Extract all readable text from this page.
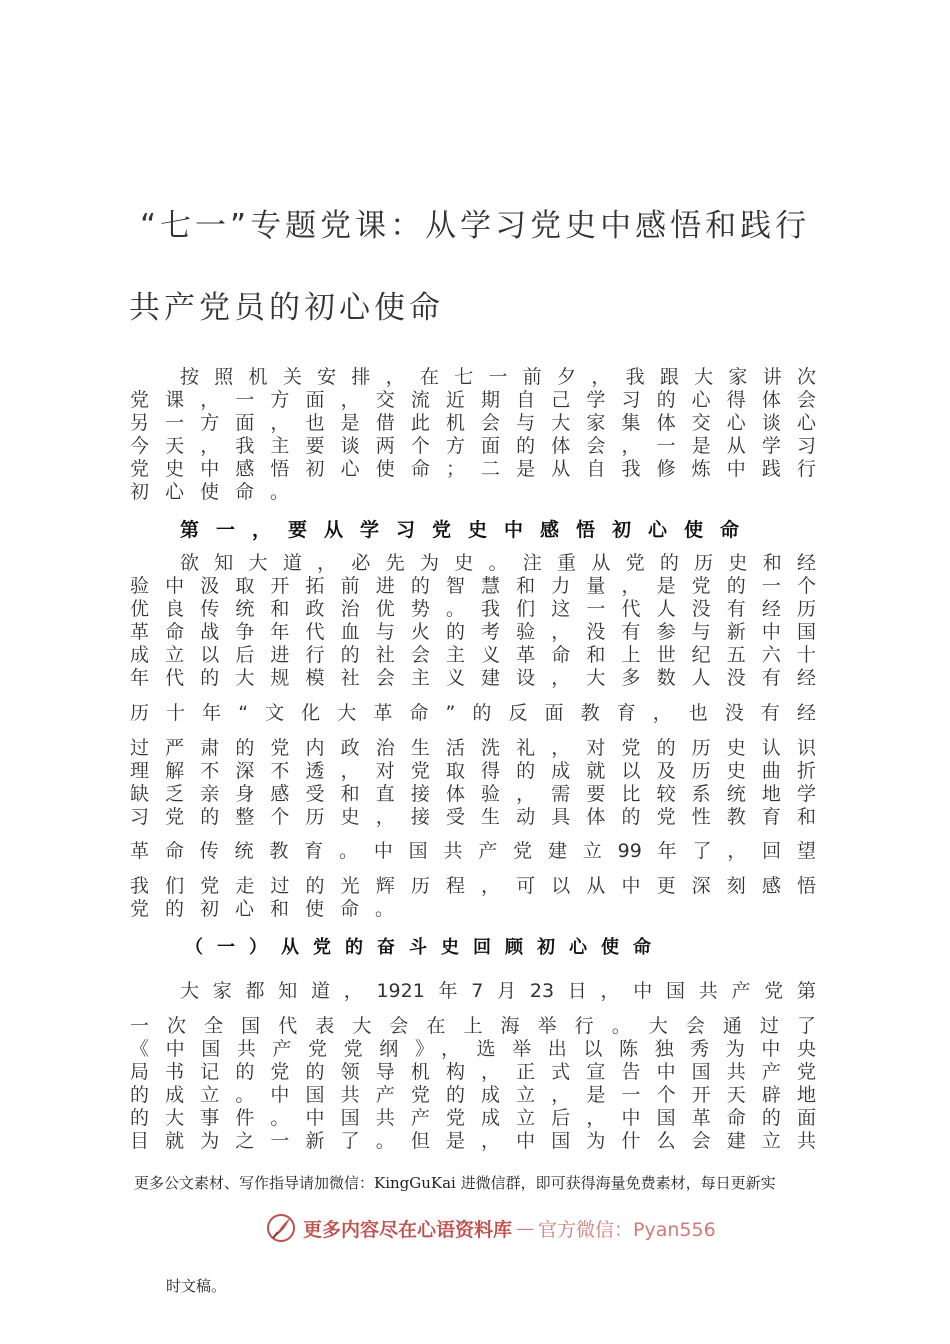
“七一”专题党课：从学习党史中感悟和践行
共产党员的初心使命
按照机关安排，在七一前夕，我跟大家讲次
党课，一方面，交流近期自己学习的心得体会
另一方面，也是借此机会与大家集体交心谈心
今天，我主要谈两个方面的体会，一是从学习
党史中感悟初心使命；二是从自我修炼中践行
初心使命。
第一，要从学习党史中感悟初心使命
欲知大道，必先为史。注重从党的历史和经
验中汲取开拓前进的智慧和力量，是党的一个
优良传统和政治优势。我们这一代人没有经历
革命战争年代血与火的考验，没有参与新中国
成立以后进行的社会主义革命和上世纪五六十
年代的大规模社会主义建设，大多数人没有经
历十年“文化大革命”的反面教育，也没有经
过严肃的党内政治生活洗礼，对党的历史认识
理解不深不透，对党取得的成就以及历史曲折
缺乏亲身感受和直接体验，需要比较系统地学
习党的整个历史，接受生动具体的党性教育和
革命传统教育。中国共产党建立99年了，回望
我们党走过的光辉历程，可以从中更深刻感悟
党的初心和使命。
（一）从党的奋斗史回顾初心使命
大家都知道，1921年7月23日，中国共产党第
一次全国代表大会在上海举行。大会通过了
《中国共产党党纲》，选举出以陈独秀为中央
局书记的党的领导机构，正式宣告中国共产党
的成立。中国共产党的成立，是一个开天辟地
的大事件。中国共产党成立后，中国革命的面
目就为之一新了。但是，中国为什么会建立共
更多公文素材、写作指导请加微信：KingGuKai 进微信群，即可获得海量免费素材，每日更新实
更多内容尽在心语资料库 — 官方微信：Pyan556
时文稿。
